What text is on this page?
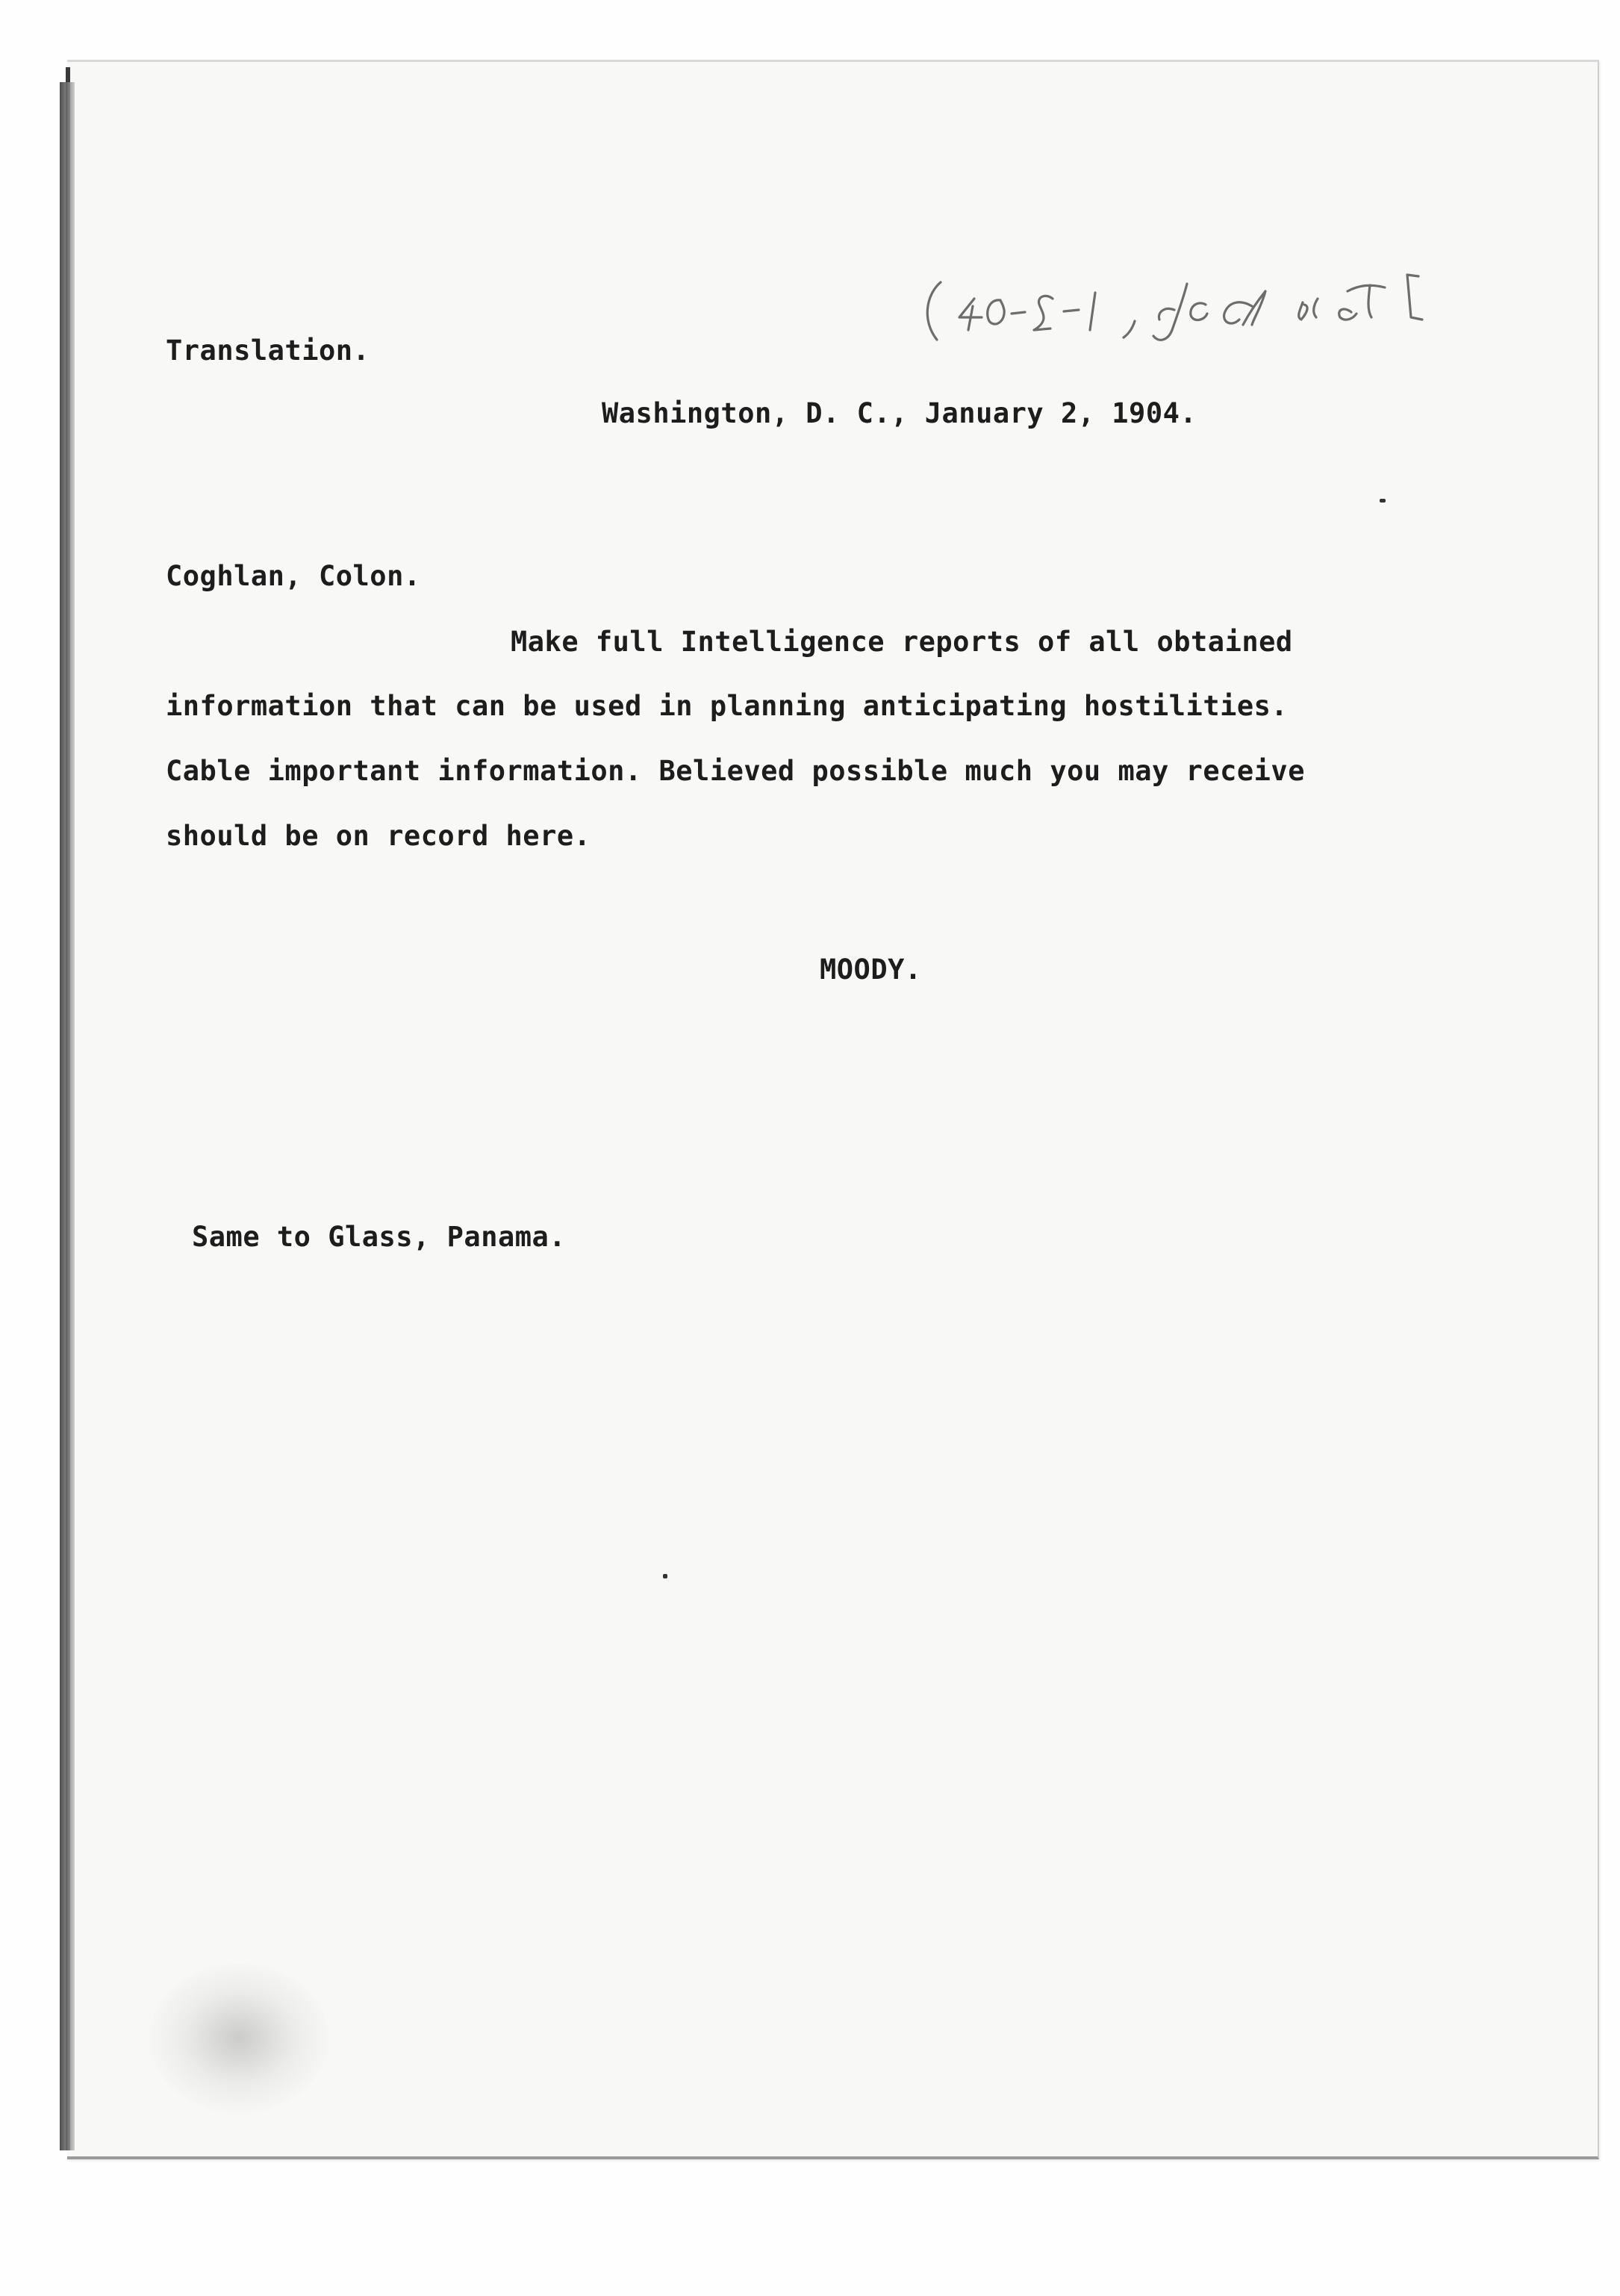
Translation.
Washington, D. C., January 2, 1904.
Coghlan, Colon.
Make full Intelligence reports of all obtained
information that can be used in planning anticipating hostilities.
Cable important information. Believed possible much you may receive
should be on record here.
MOODY.
Same to Glass, Panama.
